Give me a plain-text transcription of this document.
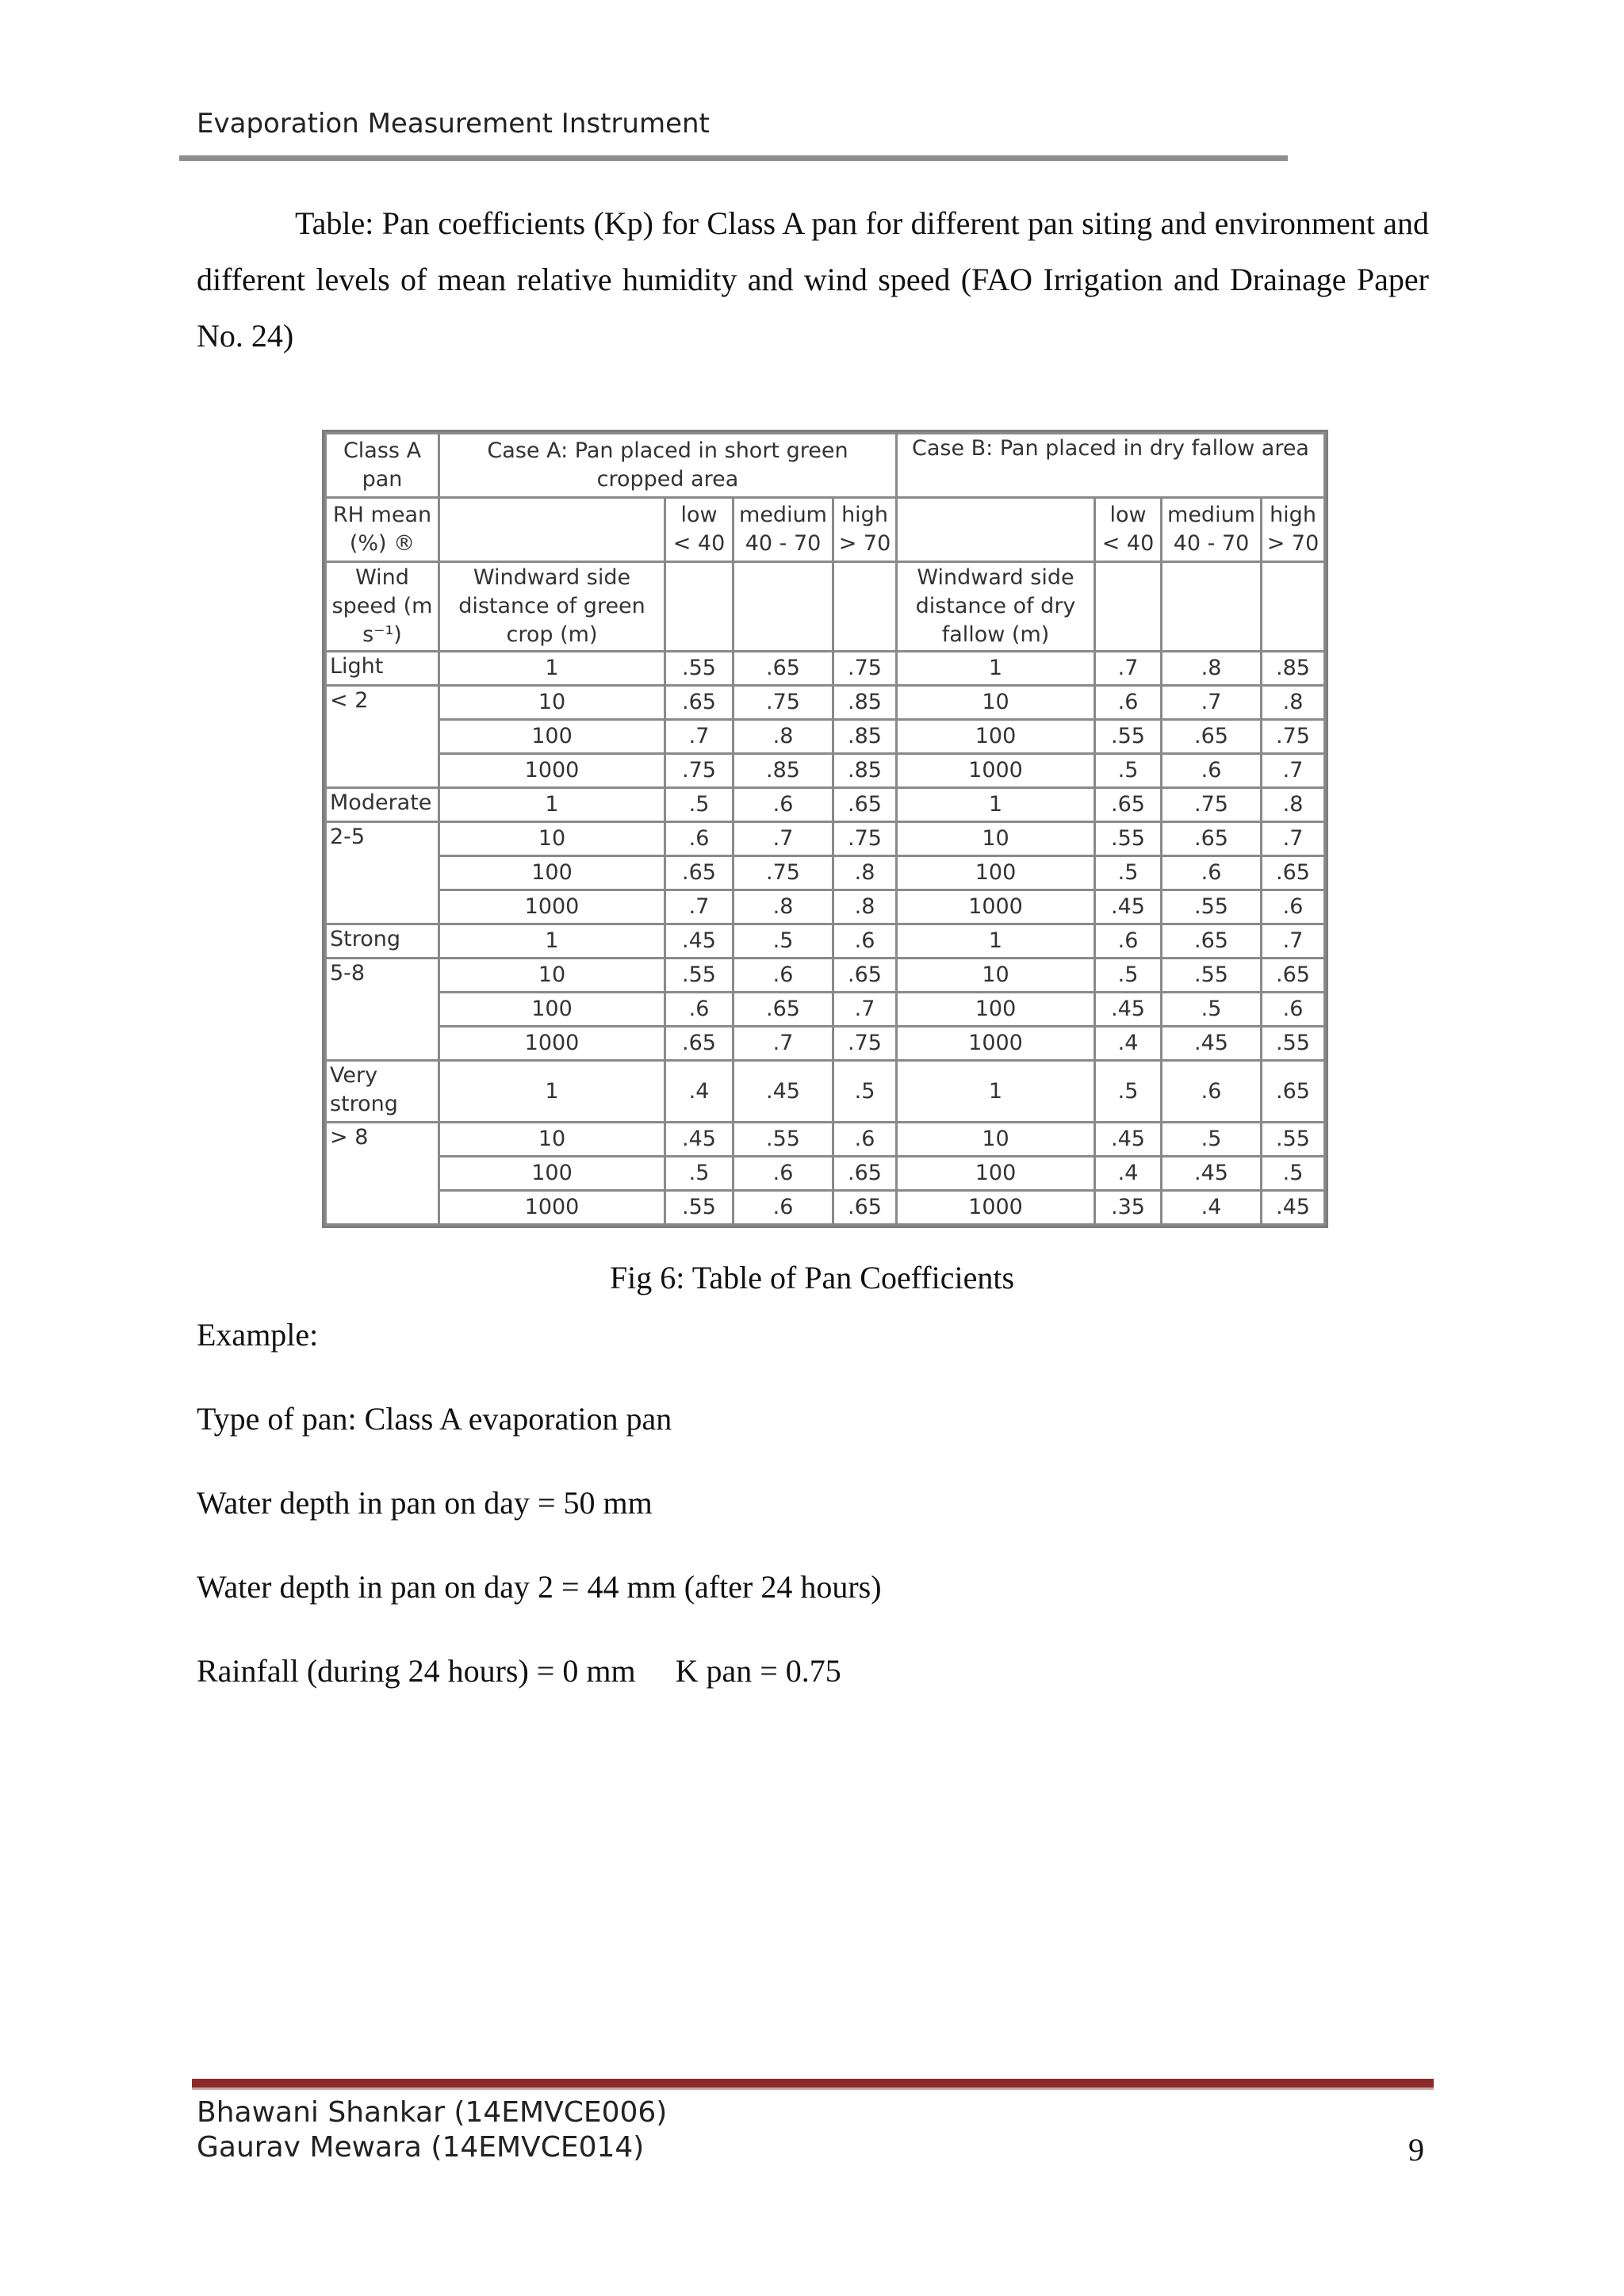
Evaporation Measurement Instrument

Table: Pan coefficients (Kp) for Class A pan for different pan siting and environment and different levels of mean relative humidity and wind speed (FAO Irrigation and Drainage Paper No. 24)

Class A pan	Case A: Pan placed in short green cropped area				Case B: Pan placed in dry fallow area			
RH mean (%) ®		low < 40	medium 40 - 70	high > 70		low < 40	medium 40 - 70	high > 70
Wind speed (m s⁻¹)	Windward side distance of green crop (m)				Windward side distance of dry fallow (m)			
Light	1	.55	.65	.75	1	.7	.8	.85
< 2	10	.65	.75	.85	10	.6	.7	.8
	100	.7	.8	.85	100	.55	.65	.75
	1000	.75	.85	.85	1000	.5	.6	.7
Moderate	1	.5	.6	.65	1	.65	.75	.8
2-5	10	.6	.7	.75	10	.55	.65	.7
	100	.65	.75	.8	100	.5	.6	.65
	1000	.7	.8	.8	1000	.45	.55	.6
Strong	1	.45	.5	.6	1	.6	.65	.7
5-8	10	.55	.6	.65	10	.5	.55	.65
	100	.6	.65	.7	100	.45	.5	.6
	1000	.65	.7	.75	1000	.4	.45	.55
Very strong	1	.4	.45	.5	1	.5	.6	.65
> 8	10	.45	.55	.6	10	.45	.5	.55
	100	.5	.6	.65	100	.4	.45	.5
	1000	.55	.6	.65	1000	.35	.4	.45
Fig 6: Table of Pan Coefficients
Example:
Type of pan: Class A evaporation pan
Water depth in pan on day = 50 mm
Water depth in pan on day 2 = 44 mm (after 24 hours)
Rainfall (during 24 hours) = 0 mm     K pan = 0.75
Bhawani Shankar (14EMVCE006)
Gaurav Mewara (14EMVCE014)	9
